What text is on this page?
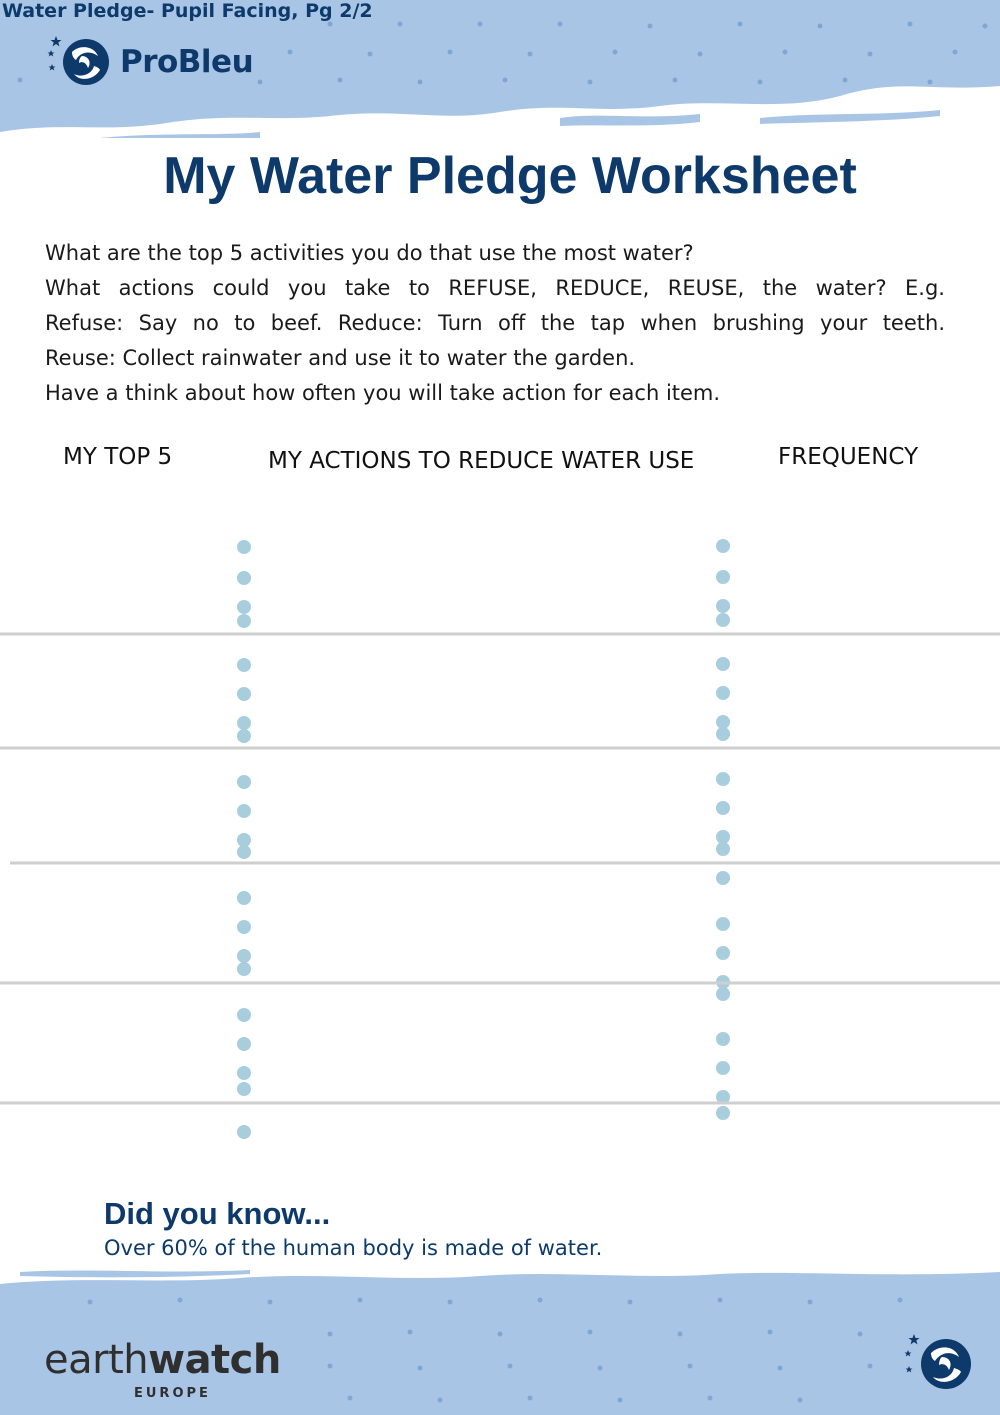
Water Pledge- Pupil Facing, Pg 2/2
ProBleu
My Water Pledge Worksheet

What are the top 5 activities you do that use the most water?

What actions could you take to REFUSE, REDUCE, REUSE, the water? E.g.

Refuse: Say no to beef. Reduce: Turn off the tap when brushing your teeth.

Reuse: Collect rainwater and use it to water the garden.

Have a think about how often you will take action for each item.

MY TOP 5	MY ACTIONS TO REDUCE WATER USE	FREQUENCY
Did you know...
Over 60% of the human body is made of water.
earthwatch
EUROPE
